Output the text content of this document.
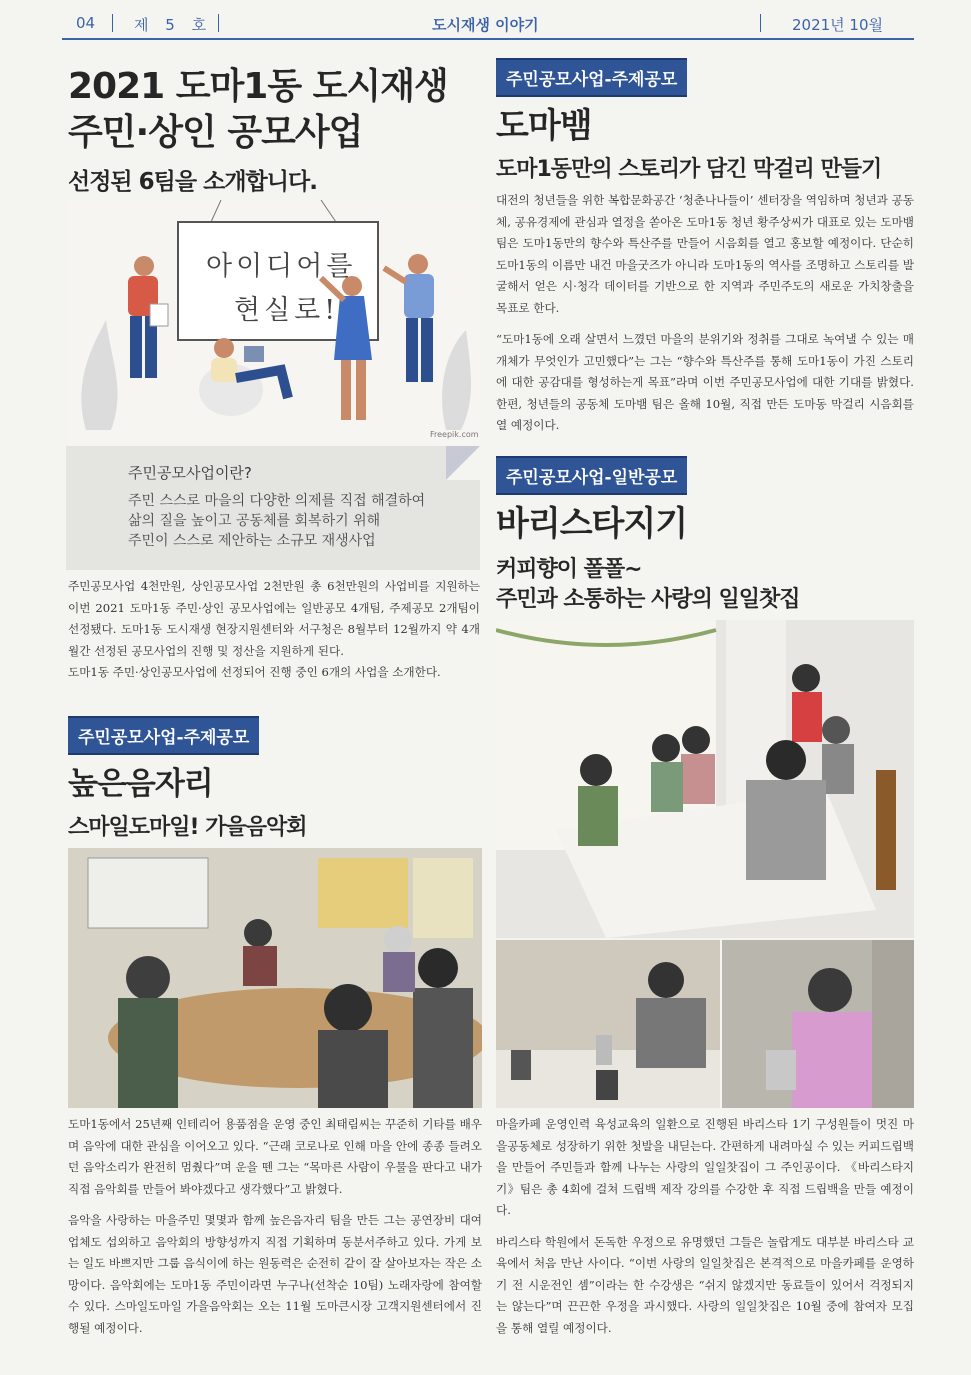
04	제 5 호	도시재생 이야기	2021년 10월
2021 도마1동 도시재생
주민·상인 공모사업
선정된 6팀을 소개합니다.
아이디어를
현실로!
Freepik.com
주민공모사업이란?
주민 스스로 마을의 다양한 의제를 직접 해결하여
삶의 질을 높이고 공동체를 회복하기 위해
주민이 스스로 제안하는 소규모 재생사업

주민공모사업 4천만원, 상인공모사업 2천만원 총 6천만원의 사업비를 지원하는 이번 2021 도마1동 주민·상인 공모사업에는 일반공모 4개팀, 주제공모 2개팀이 선정됐다. 도마1동 도시재생 현장지원센터와 서구청은 8월부터 12월까지 약 4개월간 선정된 공모사업의 진행 및 정산을 지원하게 된다.

도마1동 주민·상인공모사업에 선정되어 진행 중인 6개의 사업을 소개한다.

주민공모사업-주제공모
높은음자리
스마일도마일! 가을음악회

도마1동에서 25년째 인테리어 용품점을 운영 중인 최태림씨는 꾸준히 기타를 배우며 음악에 대한 관심을 이어오고 있다. “근래 코로나로 인해 마을 안에 종종 들려오던 음악소리가 완전히 멈췄다”며 운을 뗀 그는 “목마른 사람이 우물을 판다고 내가 직접 음악회를 만들어 봐야겠다고 생각했다”고 밝혔다.

음악을 사랑하는 마을주민 몇몇과 함께 높은음자리 팀을 만든 그는 공연장비 대여업체도 섭외하고 음악회의 방향성까지 직접 기획하며 동분서주하고 있다. 가게 보는 일도 바쁘지만 그룹 음식이에 하는 원동력은 순전히 같이 잘 살아보자는 작은 소망이다. 음악회에는 도마1동 주민이라면 누구나(선착순 10팀) 노래자랑에 참여할 수 있다. 스마일도마일 가을음악회는 오는 11월 도마큰시장 고객지원센터에서 진행될 예정이다.

주민공모사업-주제공모
도마뱀
도마1동만의 스토리가 담긴 막걸리 만들기

대전의 청년들을 위한 복합문화공간 ‘청춘나나들이’ 센터장을 역임하며 청년과 공동체, 공유경제에 관심과 열정을 쏟아온 도마1동 청년 황주상씨가 대표로 있는 도마뱀 팀은 도마1동만의 향수와 특산주를 만들어 시음회를 열고 홍보할 예정이다. 단순히 도마1동의 이름만 내건 마을굿즈가 아니라 도마1동의 역사를 조명하고 스토리를 발굴해서 얻은 시·청각 데이터를 기반으로 한 지역과 주민주도의 새로운 가치창출을 목표로 한다.

“도마1동에 오래 살면서 느꼈던 마을의 분위기와 정취를 그대로 녹여낼 수 있는 매개체가 무엇인가 고민했다”는 그는 “향수와 특산주를 통해 도마1동이 가진 스토리에 대한 공감대를 형성하는게 목표”라며 이번 주민공모사업에 대한 기대를 밝혔다. 한편, 청년들의 공동체 도마뱀 팀은 올해 10월, 직접 만든 도마동 막걸리 시음회를 열 예정이다.

주민공모사업-일반공모
바리스타지기
커피향이 폴폴~
주민과 소통하는 사랑의 일일찻집

마을카페 운영인력 육성교육의 일환으로 진행된 바리스타 1기 구성원들이 멋진 마을공동체로 성장하기 위한 첫발을 내딛는다. 간편하게 내려마실 수 있는 커피드립백을 만들어 주민들과 함께 나누는 사랑의 일일찻집이 그 주인공이다. 《바리스타지기》팀은 총 4회에 걸쳐 드립백 제작 강의를 수강한 후 직접 드립백을 만들 예정이다.

바리스타 학원에서 돈독한 우정으로 유명했던 그들은 놀랍게도 대부분 바리스타 교육에서 처음 만난 사이다. “이번 사랑의 일일찻집은 본격적으로 마을카페를 운영하기 전 시운전인 셈”이라는 한 수강생은 “쉬지 않겠지만 동료들이 있어서 걱정되지는 않는다”며 끈끈한 우정을 과시했다. 사랑의 일일찻집은 10월 중에 참여자 모집을 통해 열릴 예정이다.
